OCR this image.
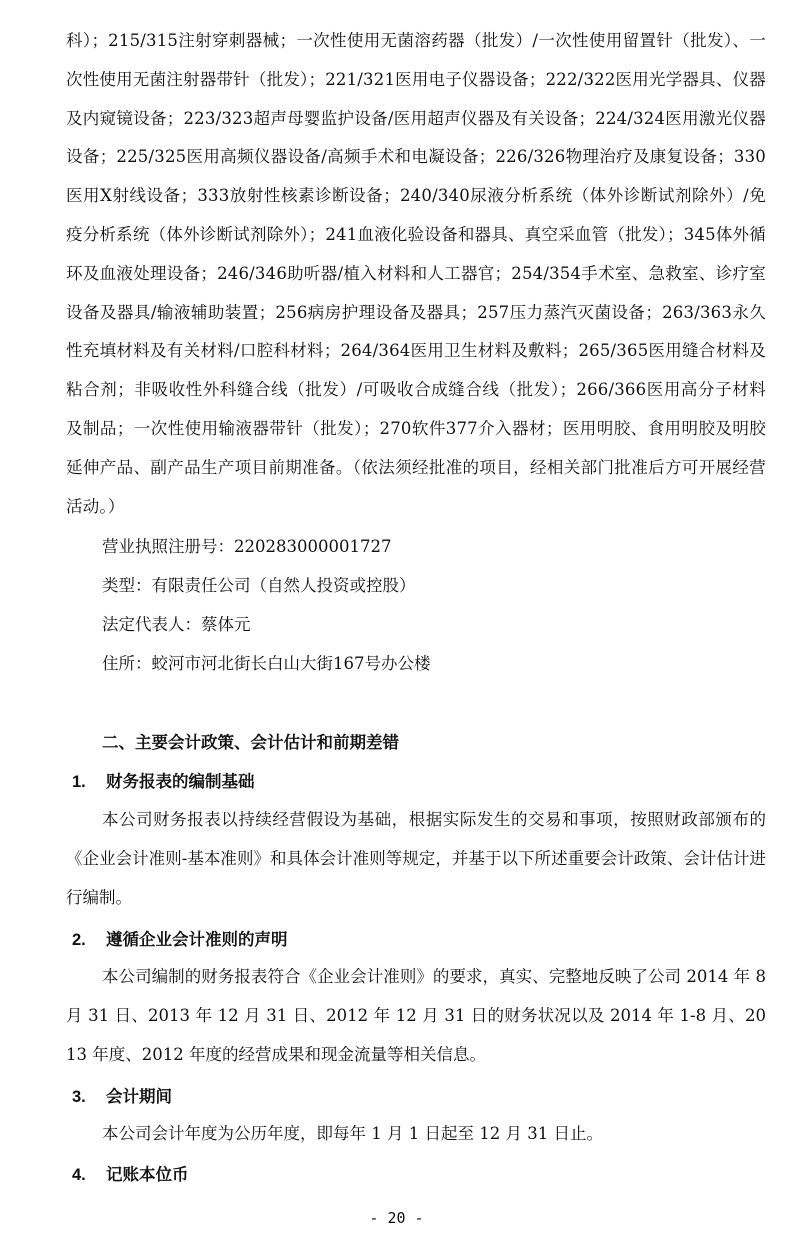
科）；215/315注射穿刺器械；一次性使用无菌溶药器（批发）/一次性使用留置针（批发）、一次性使用无菌注射器带针（批发）；221/321医用电子仪器设备；222/322医用光学器具、仪器及内窥镜设备；223/323超声母婴监护设备/医用超声仪器及有关设备；224/324医用激光仪器设备；225/325医用高频仪器设备/高频手术和电凝设备；226/326物理治疗及康复设备；330医用X射线设备；333放射性核素诊断设备；240/340尿液分析系统（体外诊断试剂除外）/免疫分析系统（体外诊断试剂除外）；241血液化验设备和器具、真空采血管（批发）；345体外循环及血液处理设备；246/346助听器/植入材料和人工器官；254/354手术室、急救室、诊疗室设备及器具/输液辅助装置；256病房护理设备及器具；257压力蒸汽灭菌设备；263/363永久性充填材料及有关材料/口腔科材料；264/364医用卫生材料及敷料；265/365医用缝合材料及粘合剂；非吸收性外科缝合线（批发）/可吸收合成缝合线（批发）；266/366医用高分子材料及制品；一次性使用输液器带针（批发）；270软件377介入器材；医用明胶、食用明胶及明胶延伸产品、副产品生产项目前期准备。（依法须经批准的项目，经相关部门批准后方可开展经营活动。）
营业执照注册号：220283000001727
类型：有限责任公司（自然人投资或控股）
法定代表人：蔡体元
住所：蛟河市河北街长白山大街167号办公楼
二、主要会计政策、会计估计和前期差错
1. 财务报表的编制基础
本公司财务报表以持续经营假设为基础，根据实际发生的交易和事项，按照财政部颁布的《企业会计准则-基本准则》和具体会计准则等规定，并基于以下所述重要会计政策、会计估计进行编制。
2. 遵循企业会计准则的声明
本公司编制的财务报表符合《企业会计准则》的要求，真实、完整地反映了公司 2014 年 8 月 31 日、2013 年 12 月 31 日、2012 年 12 月 31 日的财务状况以及 2014 年 1-8 月、2013 年度、2012 年度的经营成果和现金流量等相关信息。
3. 会计期间
本公司会计年度为公历年度，即每年 1 月 1 日起至 12 月 31 日止。
4. 记账本位币
- 20 -
